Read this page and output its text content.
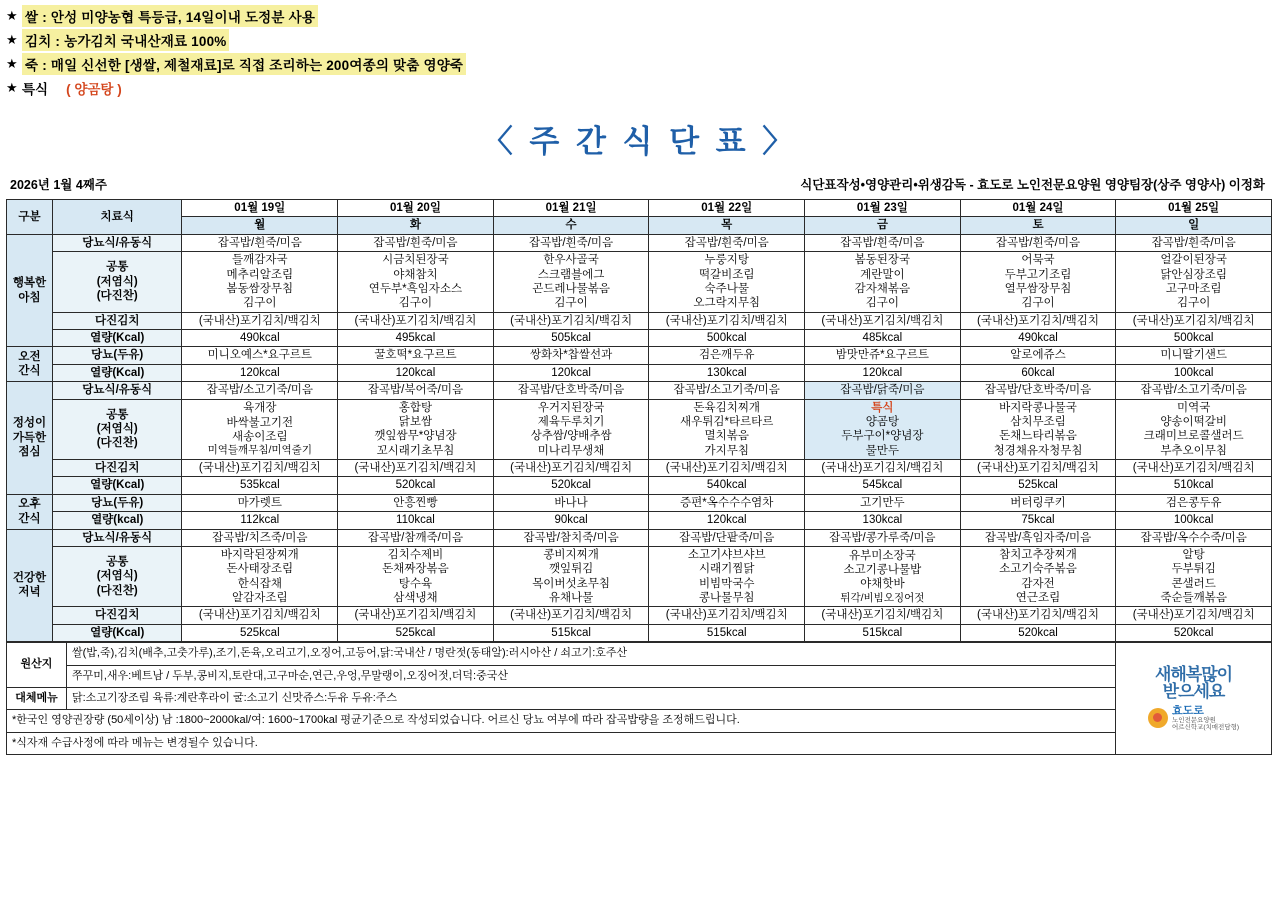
★ 쌀 : 안성 미양농협 특등급, 14일이내 도정분 사용
★ 김치 : 농가김치 국내산재료 100%
★ 죽 : 매일 신선한 [생쌀, 제철재료]로 직접 조리하는 200여종의 맞춤 영양죽
★ 특식 ( 양곰탕 )
〈 주 간 식 단 표 〉
2026년 1월 4째주	식단표작성•영양관리•위생감독 - 효도로 노인전문요양원 영양팀장(상주 영양사) 이정화
구분	치료식	01월 19일	01월 20일	01월 21일	01월 22일	01월 23일	01월 24일	01월 25일
		월	화	수	목	금	토	일

행복한
아침	당뇨식/유동식	잡곡밥/흰죽/미음	잡곡밥/흰죽/미음	잡곡밥/흰죽/미음	잡곡밥/흰죽/미음	잡곡밥/흰죽/미음	잡곡밥/흰죽/미음	잡곡밥/흰죽/미음

공통
(저염식)
(다진찬)

들깨감자국
메추리알조림
봄동쌈장무침
김구이

시금치된장국
야채참치
연두부*흑임자소스
김구이

한우사골국
스크램블에그
곤드레나물볶음
김구이

누룽지탕
떡갈비조림
숙주나물
오그락지무침

봄동된장국
계란말이
감자채볶음
김구이

어묵국
두부고기조림
열무쌈장무침
김구이

얼갈이된장국
닭안심장조림
고구마조림
김구이

	다진김치	(국내산)포기김치/백김치	(국내산)포기김치/백김치	(국내산)포기김치/백김치	(국내산)포기김치/백김치	(국내산)포기김치/백김치	(국내산)포기김치/백김치	(국내산)포기김치/백김치
	열량(Kcal)	490kcal	495kcal	505kcal	500kcal	485kcal	490kcal	500kcal

오전
간식	당뇨(두유)	미니오예스*요구르트	꿀호떡*요구르트	쌍화차*찹쌀선과	검은깨두유	밤맛만쥬*요구르트	알로에쥬스	미니딸기샌드
	열량(Kcal)	120kcal	120kcal	120kcal	130kcal	120kcal	60kcal	100kcal

정성이
가득한
점심	당뇨식/유동식	잡곡밥/소고기죽/미음	잡곡밥/북어죽/미음	잡곡밥/단호박죽/미음	잡곡밥/소고기죽/미음	잡곡밥/닭죽/미음	잡곡밥/단호박죽/미음	잡곡밥/소고기죽/미음

공통
(저염식)
(다진찬)

육개장
바싹불고기전
새송이조림
미역들깨무침/미역줄기

홍합탕
닭보쌈
깻잎쌈무*양념장
꼬시래기초무침

우거지된장국
제육두루치기
상추쌈/양배추쌈
미나리무생채

돈육김치찌개
새우튀김*타르타르
멸치볶음
가지무침

특식
양곰탕
두부구이*양념장
물만두

바지락콩나물국
삼치무조림
돈채느타리볶음
청경채유자청무침

미역국
양송이떡갈비
크래미브로콜샐러드
부추오이무침

	다진김치	(국내산)포기김치/백김치	(국내산)포기김치/백김치	(국내산)포기김치/백김치	(국내산)포기김치/백김치	(국내산)포기김치/백김치	(국내산)포기김치/백김치	(국내산)포기김치/백김치
	열량(Kcal)	535kcal	520kcal	520kcal	540kcal	545kcal	525kcal	510kcal

오후
간식	당뇨(두유)	마가렛트	안흥찐빵	바나나	증편*옥수수수염차	고기만두	버터링쿠키	검은콩두유
	열량(kcal)	112kcal	110kcal	90kcal	120kcal	130kcal	75kcal	100kcal

건강한
저녁	당뇨식/유동식	잡곡밥/치즈죽/미음	잡곡밥/참깨죽/미음	잡곡밥/참치죽/미음	잡곡밥/단팥죽/미음	잡곡밥/콩가루죽/미음	잡곡밥/흑임자죽/미음	잡곡밥/옥수수죽/미음

공통
(저염식)
(다진찬)

바지락된장찌개
돈사태장조림
한식잡채
알감자조림

김치수제비
돈채짜장볶음
탕수육
삼색냉채

콩비지찌개
깻잎튀김
목이버섯초무침
유채나물

소고기샤브샤브
시래기찜닭
비빔막국수
콩나물무침

유부미소장국
소고기콩나물밥
야채핫바
튀각/비빔오징어젓

참치고추장찌개
소고기숙주볶음
감자전
연근조림

알탕
두부튀김
콘샐러드
죽순들깨볶음

	다진김치	(국내산)포기김치/백김치	(국내산)포기김치/백김치	(국내산)포기김치/백김치	(국내산)포기김치/백김치	(국내산)포기김치/백김치	(국내산)포기김치/백김치	(국내산)포기김치/백김치
	열량(Kcal)	525kcal	525kcal	515kcal	515kcal	515kcal	520kcal	520kcal
원산지	쌀(밥,죽),김치(배추,고춧가루),조기,돈육,오리고기,오징어,고등어,닭:국내산 / 명란젓(동태알):러시아산 / 쇠고기:호주산
	쭈꾸미,새우:베트남 / 두부,콩비지,토란대,고구마순,연근,우엉,무말랭이,오징어젓,더덕:중국산
대체메뉴	닭:소고기장조림 육류:계란후라이 굴:소고기 신맛쥬스:두유 두유:주스
*한국인 영양권장량 (50세이상) 남 :1800~2000kal/여: 1600~1700kal 평균기준으로 작성되었습니다. 어르신 당뇨 여부에 따라 잡곡밥량을 조정해드립니다.	
*식자재 수급사정에 따라 메뉴는 변경될수 있습니다.	
새해복많이
받으세요
효도로
노인전문요양원
어르신학교(치매전담형)
